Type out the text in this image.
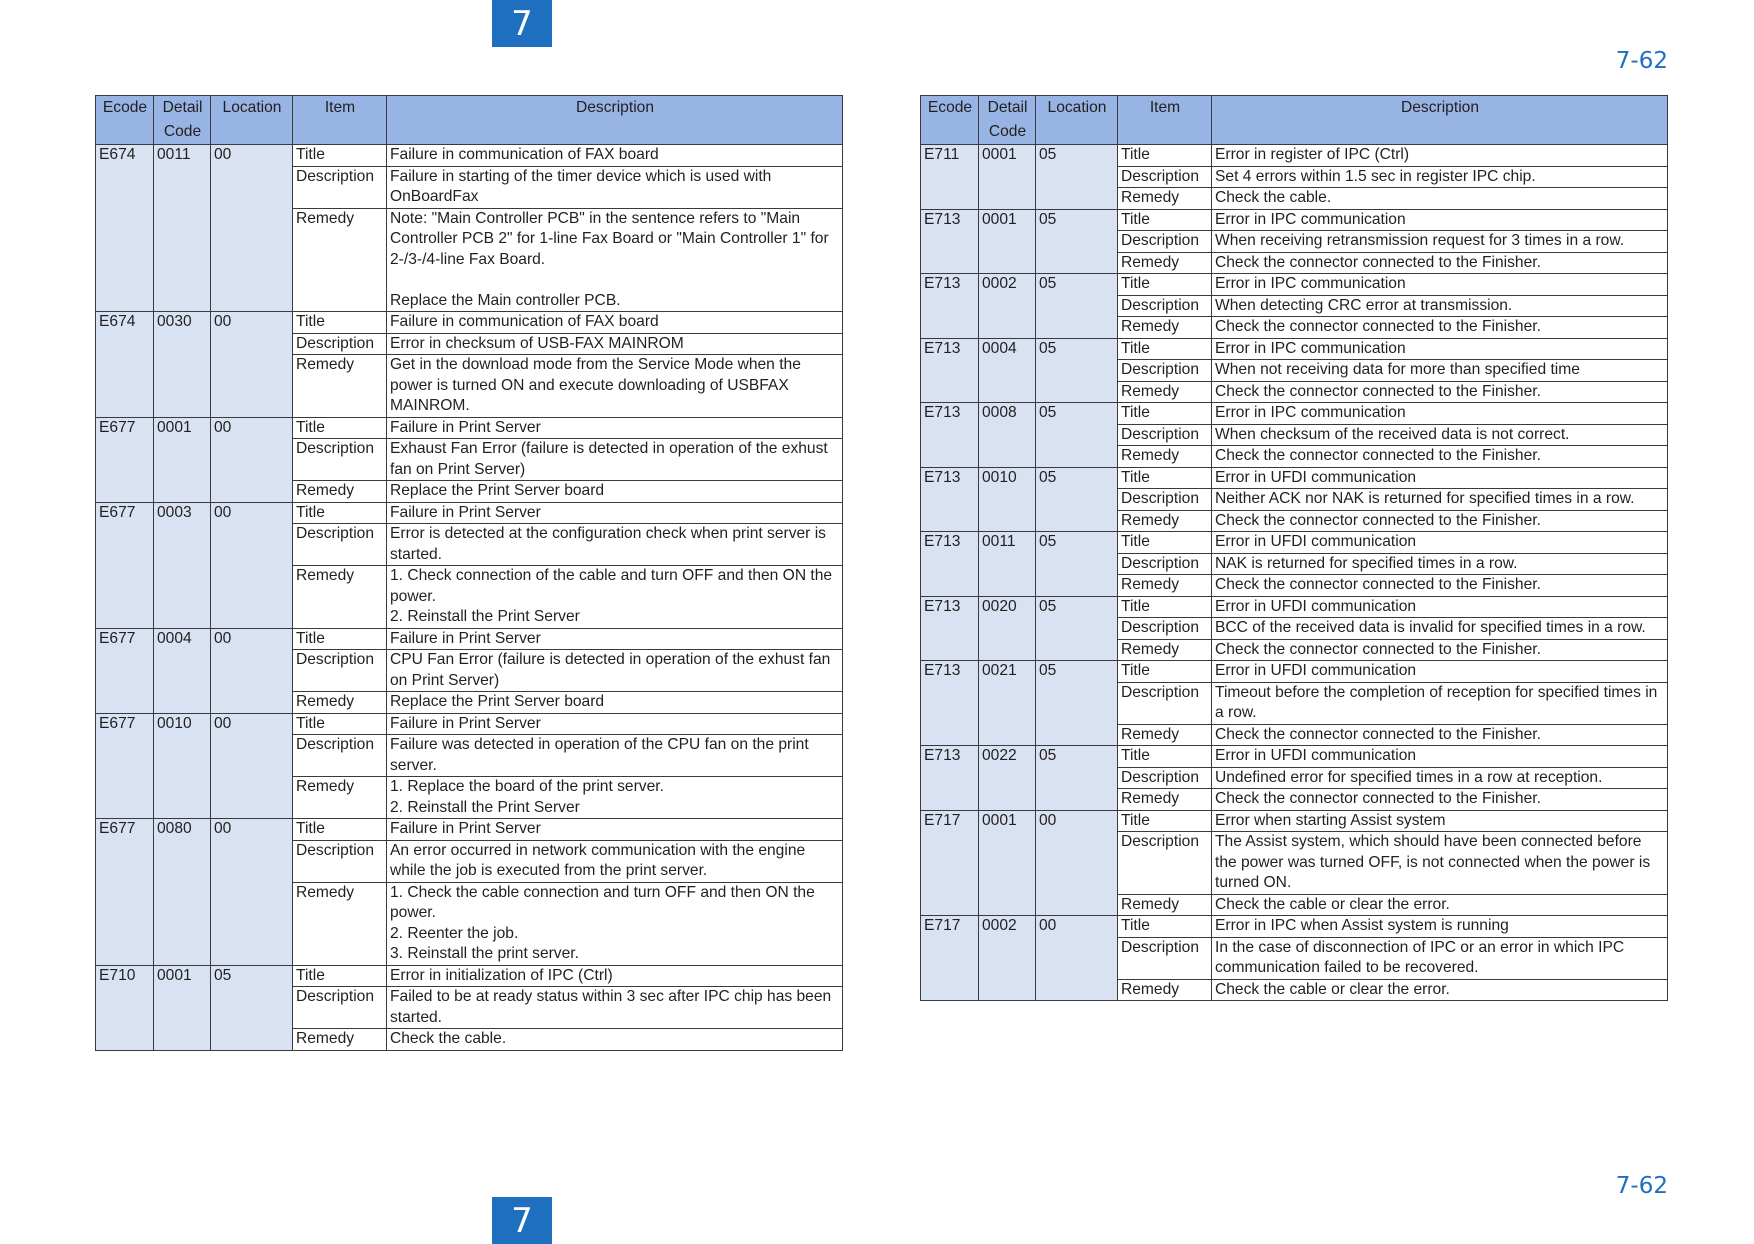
7
7-62
Ecode	Detail Code	Location	Item	Description
E674	0011	00	Title	Failure in communication of FAX board
			Description	Failure in starting of the timer device which is used with OnBoardFax
			Remedy	Note: "Main Controller PCB" in the sentence refers to "Main Controller PCB 2" for 1-line Fax Board or "Main Controller 1" for 2-/3-/4-line Fax Board.

Replace the Main controller PCB.
E674	0030	00	Title	Failure in communication of FAX board
			Description	Error in checksum of USB-FAX MAINROM
			Remedy	Get in the download mode from the Service Mode when the power is turned ON and execute downloading of USBFAX MAINROM.
E677	0001	00	Title	Failure in Print Server
			Description	Exhaust Fan Error (failure is detected in operation of the exhust fan on Print Server)
			Remedy	Replace the Print Server board
E677	0003	00	Title	Failure in Print Server
			Description	Error is detected at the configuration check when print server is started.
			Remedy	1. Check connection of the cable and turn OFF and then ON the power.
2. Reinstall the Print Server
E677	0004	00	Title	Failure in Print Server
			Description	CPU Fan Error (failure is detected in operation of the exhust fan on Print Server)
			Remedy	Replace the Print Server board
E677	0010	00	Title	Failure in Print Server
			Description	Failure was detected in operation of the CPU fan on the print server.
			Remedy	1. Replace the board of the print server.
2. Reinstall the Print Server
E677	0080	00	Title	Failure in Print Server
			Description	An error occurred in network communication with the engine while the job is executed from the print server.
			Remedy	1. Check the cable connection and turn OFF and then ON the power.
2. Reenter the job.
3. Reinstall the print server.
E710	0001	05	Title	Error in initialization of IPC (Ctrl)
			Description	Failed to be at ready status within 3 sec after IPC chip has been started.
			Remedy	Check the cable.
Ecode	Detail Code	Location	Item	Description
E711	0001	05	Title	Error in register of IPC (Ctrl)
			Description	Set 4 errors within 1.5 sec in register IPC chip.
			Remedy	Check the cable.
E713	0001	05	Title	Error in IPC communication
			Description	When receiving retransmission request for 3 times in a row.
			Remedy	Check the connector connected to the Finisher.
E713	0002	05	Title	Error in IPC communication
			Description	When detecting CRC error at transmission.
			Remedy	Check the connector connected to the Finisher.
E713	0004	05	Title	Error in IPC communication
			Description	When not receiving data for more than specified time
			Remedy	Check the connector connected to the Finisher.
E713	0008	05	Title	Error in IPC communication
			Description	When checksum of the received data is not correct.
			Remedy	Check the connector connected to the Finisher.
E713	0010	05	Title	Error in UFDI communication
			Description	Neither ACK nor NAK is returned for specified times in a row.
			Remedy	Check the connector connected to the Finisher.
E713	0011	05	Title	Error in UFDI communication
			Description	NAK is returned for specified times in a row.
			Remedy	Check the connector connected to the Finisher.
E713	0020	05	Title	Error in UFDI communication
			Description	BCC of the received data is invalid for specified times in a row.
			Remedy	Check the connector connected to the Finisher.
E713	0021	05	Title	Error in UFDI communication
			Description	Timeout before the completion of reception for specified times in a row.
			Remedy	Check the connector connected to the Finisher.
E713	0022	05	Title	Error in UFDI communication
			Description	Undefined error for specified times in a row at reception.
			Remedy	Check the connector connected to the Finisher.
E717	0001	00	Title	Error when starting Assist system
			Description	The Assist system, which should have been connected before the power was turned OFF, is not connected when the power is turned ON.
			Remedy	Check the cable or clear the error.
E717	0002	00	Title	Error in IPC when Assist system is running
			Description	In the case of disconnection of IPC or an error in which IPC communication failed to be recovered.
			Remedy	Check the cable or clear the error.
7-62
7
